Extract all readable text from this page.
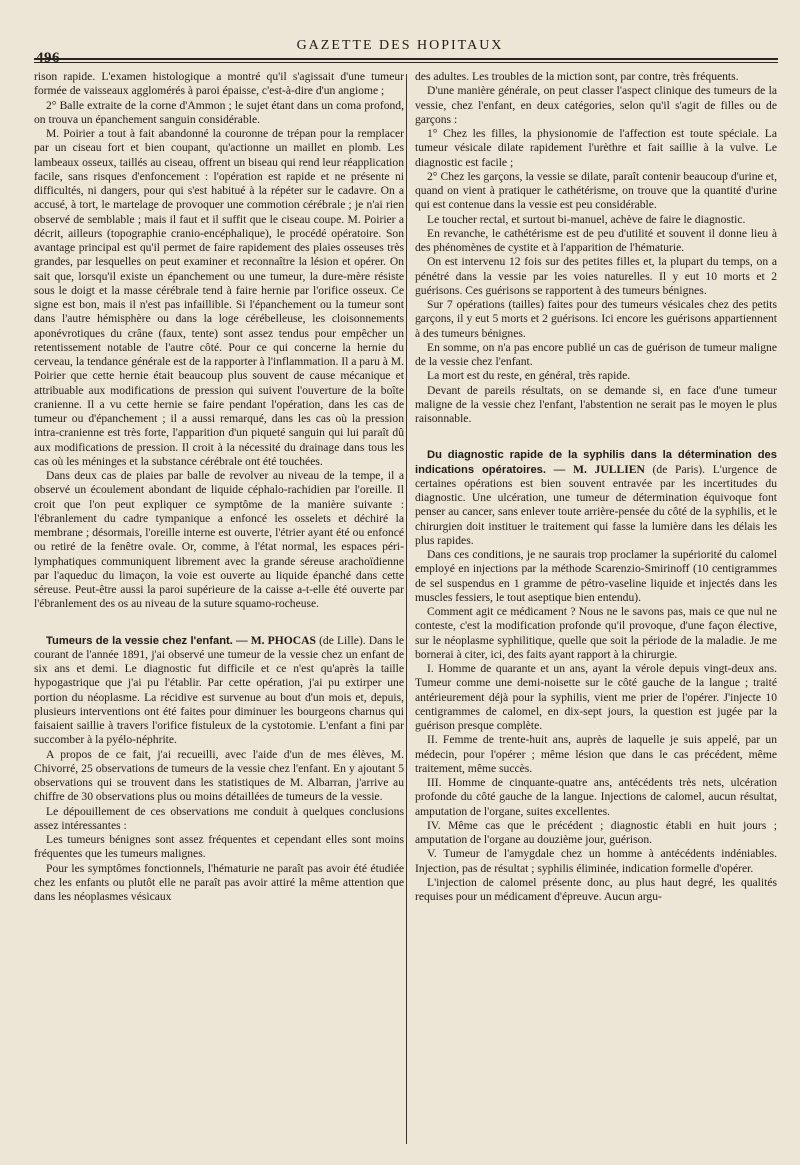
496
GAZETTE DES HOPITAUX

rison rapide. L'examen histologique a montré qu'il s'agissait d'une tumeur formée de vaisseaux agglomérés à paroi épaisse, c'est-à-dire d'un angiome ;

2° Balle extraite de la corne d'Ammon ; le sujet étant dans un coma profond, on trouva un épanchement sanguin considérable.

M. Poirier a tout à fait abandonné la couronne de trépan pour la remplacer par un ciseau fort et bien coupant, qu'actionne un maillet en plomb. Les lambeaux osseux, taillés au ciseau, offrent un biseau qui rend leur réapplication facile, sans risques d'enfoncement : l'opération est rapide et ne présente ni difficultés, ni dangers, pour qui s'est habitué à la répéter sur le cadavre. On a accusé, à tort, le martelage de provoquer une commotion cérébrale ; je n'ai rien observé de semblable ; mais il faut et il suffit que le ciseau coupe. M. Poirier a décrit, ailleurs (topographie cranio-encéphalique), le procédé opératoire. Son avantage principal est qu'il permet de faire rapidement des plaies osseuses très grandes, par lesquelles on peut examiner et reconnaître la lésion et opérer. On sait que, lorsqu'il existe un épanchement ou une tumeur, la dure-mère résiste sous le doigt et la masse cérébrale tend à faire hernie par l'orifice osseux. Ce signe est bon, mais il n'est pas infaillible. Si l'épanchement ou la tumeur sont dans l'autre hémisphère ou dans la loge cérébelleuse, les cloisonnements aponévrotiques du crâne (faux, tente) sont assez tendus pour empêcher un retentissement notable de l'autre côté. Pour ce qui concerne la hernie du cerveau, la tendance générale est de la rapporter à l'inflammation. Il a paru à M. Poirier que cette hernie était beaucoup plus souvent de cause mécanique et attribuable aux modifications de pression qui suivent l'ouverture de la boîte cranienne. Il a vu cette hernie se faire pendant l'opération, dans les cas de tumeur ou d'épanchement ; il a aussi remarqué, dans les cas où la pression intra-cranienne est très forte, l'apparition d'un piqueté sanguin qui lui paraît dû aux modifications de pression. Il croit à la nécessité du drainage dans tous les cas où les méninges et la substance cérébrale ont été touchées.

Dans deux cas de plaies par balle de revolver au niveau de la tempe, il a observé un écoulement abondant de liquide céphalo-rachidien par l'oreille. Il croit que l'on peut expliquer ce symptôme de la manière suivante : l'ébranlement du cadre tympanique a enfoncé les osselets et déchiré la membrane ; désormais, l'oreille interne est ouverte, l'étrier ayant été ou enfoncé ou retiré de la fenêtre ovale. Or, comme, à l'état normal, les espaces péri-lymphatiques communiquent librement avec la grande séreuse arachoïdienne par l'aqueduc du limaçon, la voie est ouverte au liquide épanché dans cette séreuse. Peut-être aussi la paroi supérieure de la caisse a-t-elle été ouverte par l'ébranlement des os au niveau de la suture squamo-rocheuse.

Tumeurs de la vessie chez l'enfant. — M. PHOCAS (de Lille). Dans le courant de l'année 1891, j'ai observé une tumeur de la vessie chez un enfant de six ans et demi. Le diagnostic fut difficile et ce n'est qu'après la taille hypogastrique que j'ai pu l'établir. Par cette opération, j'ai pu extirper une portion du néoplasme. La récidive est survenue au bout d'un mois et, depuis, plusieurs interventions ont été faites pour diminuer les bourgeons charnus qui faisaient saillie à travers l'orifice fistuleux de la cystotomie. L'enfant a fini par succomber à la pyélo-néphrite.

A propos de ce fait, j'ai recueilli, avec l'aide d'un de mes élèves, M. Chivorré, 25 observations de tumeurs de la vessie chez l'enfant. En y ajoutant 5 observations qui se trouvent dans les statistiques de M. Albarran, j'arrive au chiffre de 30 observations plus ou moins détaillées de tumeurs de la vessie.

Le dépouillement de ces observations me conduit à quelques conclusions assez intéressantes :

Les tumeurs bénignes sont assez fréquentes et cependant elles sont moins fréquentes que les tumeurs malignes.

Pour les symptômes fonctionnels, l'hématurie ne paraît pas avoir été étudiée chez les enfants ou plutôt elle ne paraît pas avoir attiré la même attention que dans les néoplasmes vésicaux

des adultes. Les troubles de la miction sont, par contre, très fréquents.

D'une manière générale, on peut classer l'aspect clinique des tumeurs de la vessie, chez l'enfant, en deux catégories, selon qu'il s'agit de filles ou de garçons :

1° Chez les filles, la physionomie de l'affection est toute spéciale. La tumeur vésicale dilate rapidement l'urèthre et fait saillie à la vulve. Le diagnostic est facile ;

2° Chez les garçons, la vessie se dilate, paraît contenir beaucoup d'urine et, quand on vient à pratiquer le cathétérisme, on trouve que la quantité d'urine qui est contenue dans la vessie est peu considérable.

Le toucher rectal, et surtout bi-manuel, achève de faire le diagnostic.

En revanche, le cathétérisme est de peu d'utilité et souvent il donne lieu à des phénomènes de cystite et à l'apparition de l'hématurie.

On est intervenu 12 fois sur des petites filles et, la plupart du temps, on a pénétré dans la vessie par les voies naturelles. Il y eut 10 morts et 2 guérisons. Ces guérisons se rapportent à des tumeurs bénignes.

Sur 7 opérations (tailles) faites pour des tumeurs vésicales chez des petits garçons, il y eut 5 morts et 2 guérisons. Ici encore les guérisons appartiennent à des tumeurs bénignes.

En somme, on n'a pas encore publié un cas de guérison de tumeur maligne de la vessie chez l'enfant.

La mort est du reste, en général, très rapide.

Devant de pareils résultats, on se demande si, en face d'une tumeur maligne de la vessie chez l'enfant, l'abstention ne serait pas le moyen le plus raisonnable.

Du diagnostic rapide de la syphilis dans la détermination des indications opératoires. — M. JULLIEN (de Paris). L'urgence de certaines opérations est bien souvent entravée par les incertitudes du diagnostic. Une ulcération, une tumeur de détermination équivoque font penser au cancer, sans enlever toute arrière-pensée du côté de la syphilis, et le chirurgien doit instituer le traitement qui fasse la lumière dans les délais les plus rapides.

Dans ces conditions, je ne saurais trop proclamer la supériorité du calomel employé en injections par la méthode Scarenzio-Smirinoff (10 centigrammes de sel suspendus en 1 gramme de pétro-vaseline liquide et injectés dans les muscles fessiers, le tout aseptique bien entendu).

Comment agit ce médicament ? Nous ne le savons pas, mais ce que nul ne conteste, c'est la modification profonde qu'il provoque, d'une façon élective, sur le néoplasme syphilitique, quelle que soit la période de la maladie. Je me bornerai à citer, ici, des faits ayant rapport à la chirurgie.

I. Homme de quarante et un ans, ayant la vérole depuis vingt-deux ans. Tumeur comme une demi-noisette sur le côté gauche de la langue ; traité antérieurement déjà pour la syphilis, vient me prier de l'opérer. J'injecte 10 centigrammes de calomel, en dix-sept jours, la question est jugée par la guérison presque complète.

II. Femme de trente-huit ans, auprès de laquelle je suis appelé, par un médecin, pour l'opérer ; même lésion que dans le cas précédent, même traitement, même succès.

III. Homme de cinquante-quatre ans, antécédents très nets, ulcération profonde du côté gauche de la langue. Injections de calomel, aucun résultat, amputation de l'organe, suites excellentes.

IV. Même cas que le précédent ; diagnostic établi en huit jours ; amputation de l'organe au douzième jour, guérison.

V. Tumeur de l'amygdale chez un homme à antécédents indéniables. Injection, pas de résultat ; syphilis éliminée, indication formelle d'opérer.

L'injection de calomel présente donc, au plus haut degré, les qualités requises pour un médicament d'épreuve. Aucun argu-
